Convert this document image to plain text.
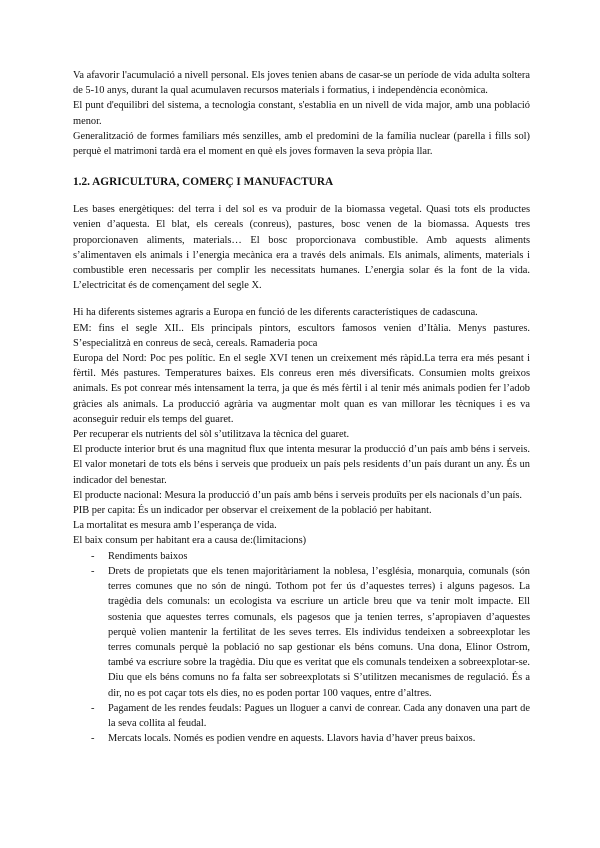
Va afavorir l'acumulació a nivell personal. Els joves tenien abans de casar-se un període de vida adulta soltera de 5-10 anys, durant la qual acumulaven recursos materials i formatius, i independència econòmica.

El punt d'equilibri del sistema, a tecnologia constant, s'establia en un nivell de vida major, amb una població menor.

Generalització de formes familiars més senzilles, amb el predomini de la família nuclear (parella i fills sol) perquè el matrimoni tardà era el moment en què els joves formaven la seva pròpia llar.

1.2. AGRICULTURA, COMERÇ I MANUFACTURA

Les bases energètiques: del terra i del sol es va produir de la biomassa vegetal. Quasi tots els productes venien d’aquesta. El blat, els cereals (conreus), pastures, bosc venen de la biomassa. Aquests tres proporcionaven aliments, materials… El bosc proporcionava combustible. Amb aquests aliments s’alimentaven els animals i l’energia mecànica era a través dels animals. Els animals, aliments, materials i combustible eren necessaris per complir les necessitats humanes. L’energia solar és la font de la vida. L’electricitat és de començament del segle X.

Hi ha diferents sistemes agraris a Europa en funció de les diferents característiques de cadascuna.

EM: fins el segle XII.. Els principals pintors, escultors famosos venien d’Itàlia. Menys pastures. S’especialitzà en conreus de secà, cereals. Ramaderia poca

Europa del Nord: Poc pes polític. En el segle XVI tenen un creixement més ràpid.La terra era més pesant i fèrtil. Més pastures. Temperatures baixes. Els conreus eren més diversificats. Consumien molts greixos animals. Es pot conrear més intensament la terra, ja que és més fèrtil i al tenir més animals podien fer l’adob gràcies als animals. La producció agrària va augmentar molt quan es van millorar les tècniques i es va aconseguir reduir els temps del guaret.

Per recuperar els nutrients del sòl s’utilitzava la tècnica del guaret.

El producte interior brut és una magnitud flux que intenta mesurar la producció d’un país amb béns i serveis. El valor monetari de tots els béns i serveis que produeix un país pels residents d’un país durant un any. És un indicador del benestar.

El producte nacional: Mesura la producció d’un país amb béns i serveis produïts per els nacionals d’un país.

PIB per capita: És un indicador per observar el creixement de la població per habitant.

La mortalitat es mesura amb l’esperança de vida.

El baix consum per habitant era a causa de:(limitacions)

- Rendiments baixos
- Drets de propietats que els tenen majoritàriament la noblesa, l’església, monarquia, comunals (són terres comunes que no són de ningú. Tothom pot fer ús d’aquestes terres) i alguns pagesos. La tragèdia dels comunals: un ecologista va escriure un article breu que va tenir molt impacte. Ell sostenia que aquestes terres comunals, els pagesos que ja tenien terres, s’apropiaven d’aquestes perquè volien mantenir la fertilitat de les seves terres. Els individus tendeixen a sobreexplotar les terres comunals perquè la població no sap gestionar els béns comuns. Una dona, Elinor Ostrom, també va escriure sobre la tragèdia. Diu que es veritat que els comunals tendeixen a sobreexplotar-se. Diu que els béns comuns no fa falta ser sobreexplotats si S’utilitzen mecanismes de regulació. És a dir, no es pot caçar tots els dies, no es poden portar 100 vaques, entre d’altres.
- Pagament de les rendes feudals: Pagues un lloguer a canvi de conrear. Cada any donaven una part de la seva collita al feudal.
- Mercats locals. Només es podien vendre en aquests. Llavors havia d’haver preus baixos.
